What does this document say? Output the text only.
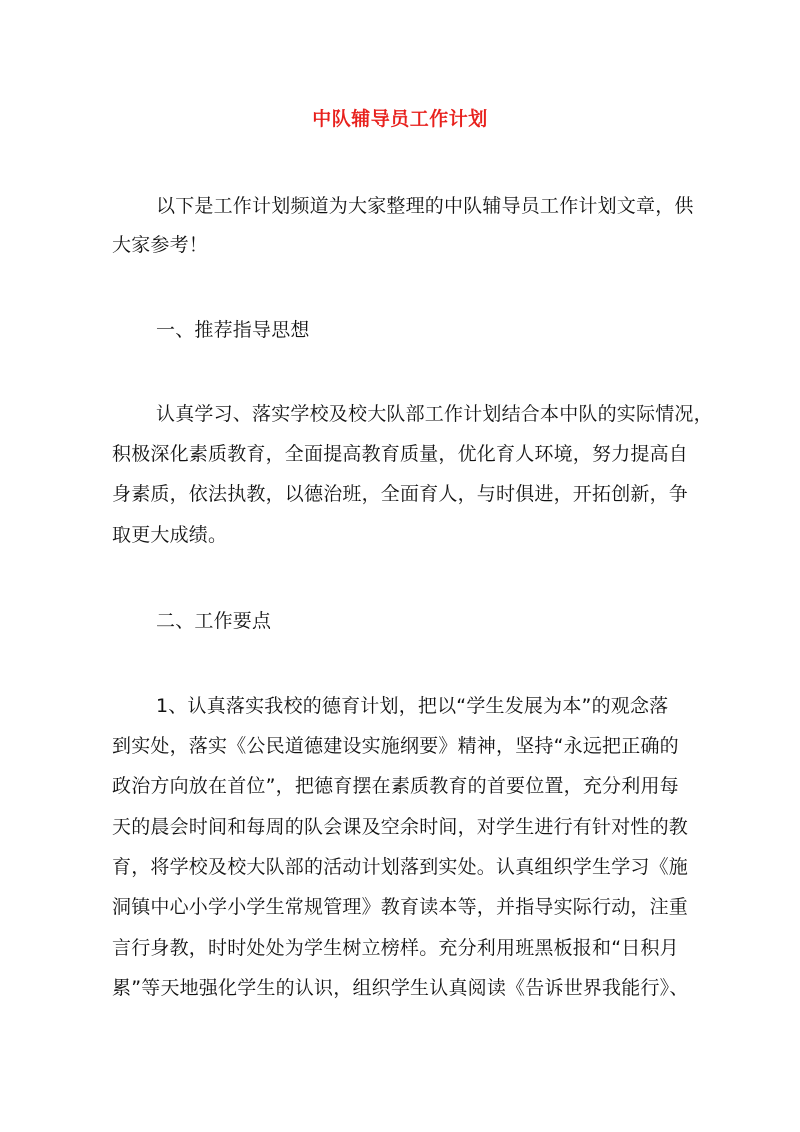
中队辅导员工作计划
以下是工作计划频道为大家整理的中队辅导员工作计划文章，供
大家参考！
一、推荐指导思想
认真学习、落实学校及校大队部工作计划结合本中队的实际情况，
积极深化素质教育，全面提高教育质量，优化育人环境，努力提高自
身素质，依法执教，以德治班，全面育人，与时俱进，开拓创新，争
取更大成绩。
二、工作要点
1、认真落实我校的德育计划，把以“学生发展为本”的观念落
到实处，落实《公民道德建设实施纲要》精神，坚持“永远把正确的
政治方向放在首位”，把德育摆在素质教育的首要位置，充分利用每
天的晨会时间和每周的队会课及空余时间，对学生进行有针对性的教
育，将学校及校大队部的活动计划落到实处。认真组织学生学习《施
洞镇中心小学小学生常规管理》教育读本等，并指导实际行动，注重
言行身教，时时处处为学生树立榜样。充分利用班黑板报和“日积月
累”等天地强化学生的认识，组织学生认真阅读《告诉世界我能行》、
